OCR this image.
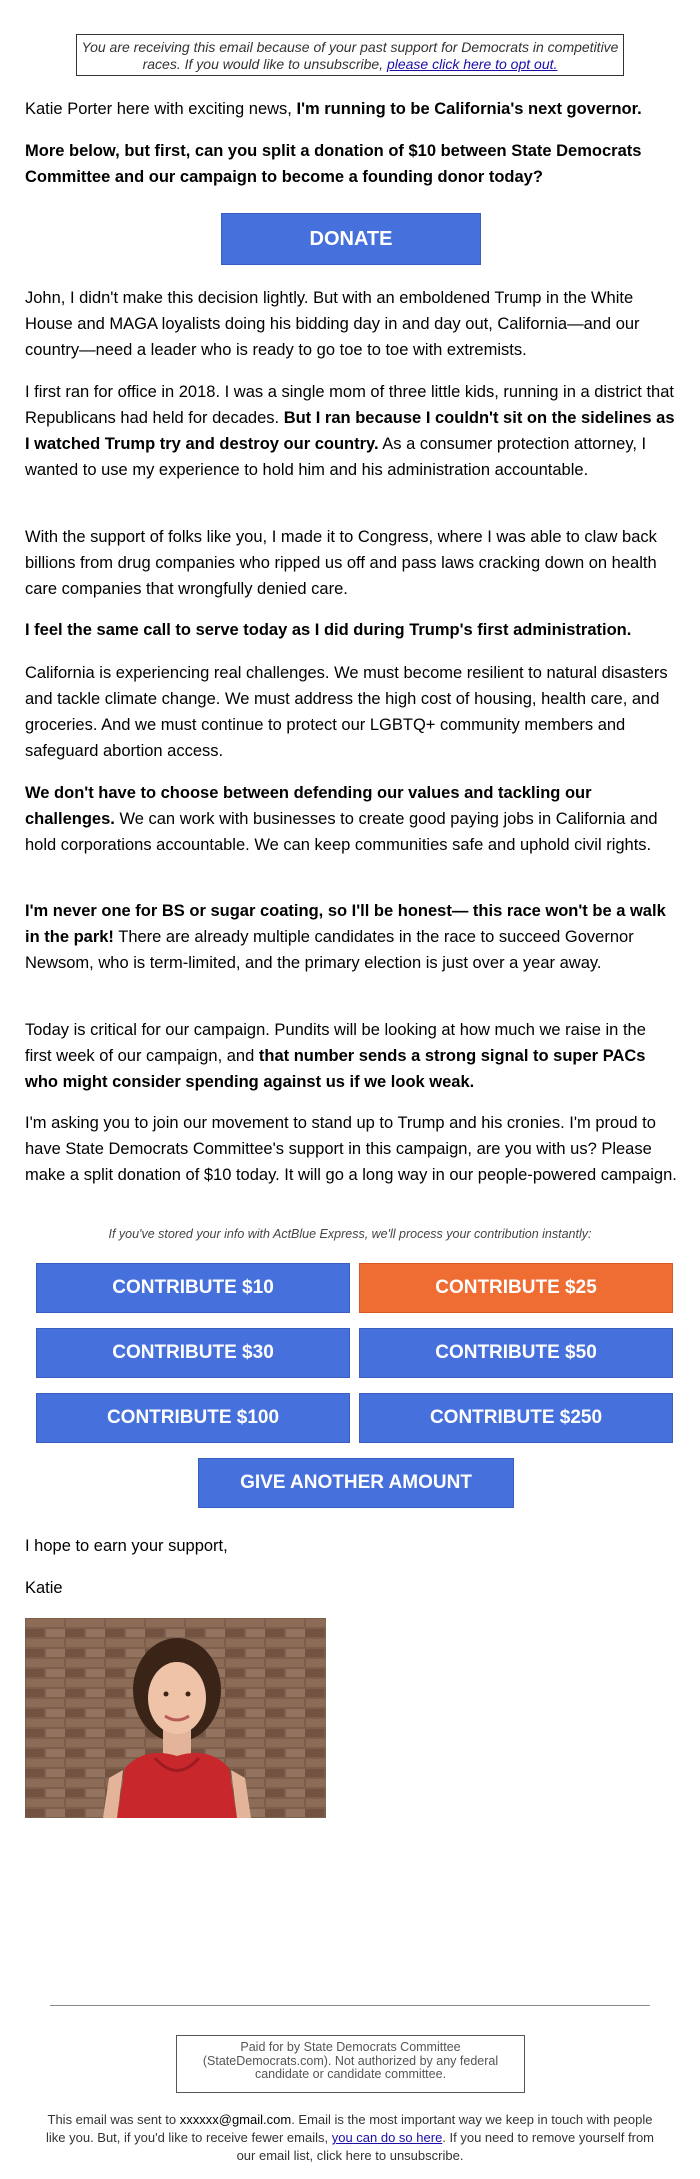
You are receiving this email because of your past support for Democrats in competitive races. If you would like to unsubscribe, please click here to opt out.

Katie Porter here with exciting news, I'm running to be California's next governor.

More below, but first, can you split a donation of $10 between State Democrats Committee and our campaign to become a founding donor today?

DONATE

John, I didn't make this decision lightly. But with an emboldened Trump in the White House and MAGA loyalists doing his bidding day in and day out, California—and our country—need a leader who is ready to go toe to toe with extremists.

I first ran for office in 2018. I was a single mom of three little kids, running in a district that Republicans had held for decades. But I ran because I couldn't sit on the sidelines as I watched Trump try and destroy our country. As a consumer protection attorney, I wanted to use my experience to hold him and his administration accountable.

With the support of folks like you, I made it to Congress, where I was able to claw back billions from drug companies who ripped us off and pass laws cracking down on health care companies that wrongfully denied care.

I feel the same call to serve today as I did during Trump's first administration.

California is experiencing real challenges. We must become resilient to natural disasters and tackle climate change. We must address the high cost of housing, health care, and groceries. And we must continue to protect our LGBTQ+ community members and safeguard abortion access.

We don't have to choose between defending our values and tackling our challenges. We can work with businesses to create good paying jobs in California and hold corporations accountable. We can keep communities safe and uphold civil rights.

I'm never one for BS or sugar coating, so I'll be honest— this race won't be a walk in the park! There are already multiple candidates in the race to succeed Governor Newsom, who is term-limited, and the primary election is just over a year away.

Today is critical for our campaign. Pundits will be looking at how much we raise in the first week of our campaign, and that number sends a strong signal to super PACs who might consider spending against us if we look weak.

I'm asking you to join our movement to stand up to Trump and his cronies. I'm proud to have State Democrats Committee's support in this campaign, are you with us? Please make a split donation of $10 today. It will go a long way in our people-powered campaign.

If you've stored your info with ActBlue Express, we'll process your contribution instantly:
CONTRIBUTE $10	CONTRIBUTE $25
CONTRIBUTE $30	CONTRIBUTE $50
CONTRIBUTE $100	CONTRIBUTE $250
GIVE ANOTHER AMOUNT

I hope to earn your support,

Katie

Paid for by State Democrats Committee
(StateDemocrats.com). Not authorized by any federal candidate or candidate committee.
This email was sent to xxxxxx@gmail.com. Email is the most important way we keep in touch with people like you. But, if you'd like to receive fewer emails, you can do so here. If you need to remove yourself from our email list, click here to unsubscribe.
